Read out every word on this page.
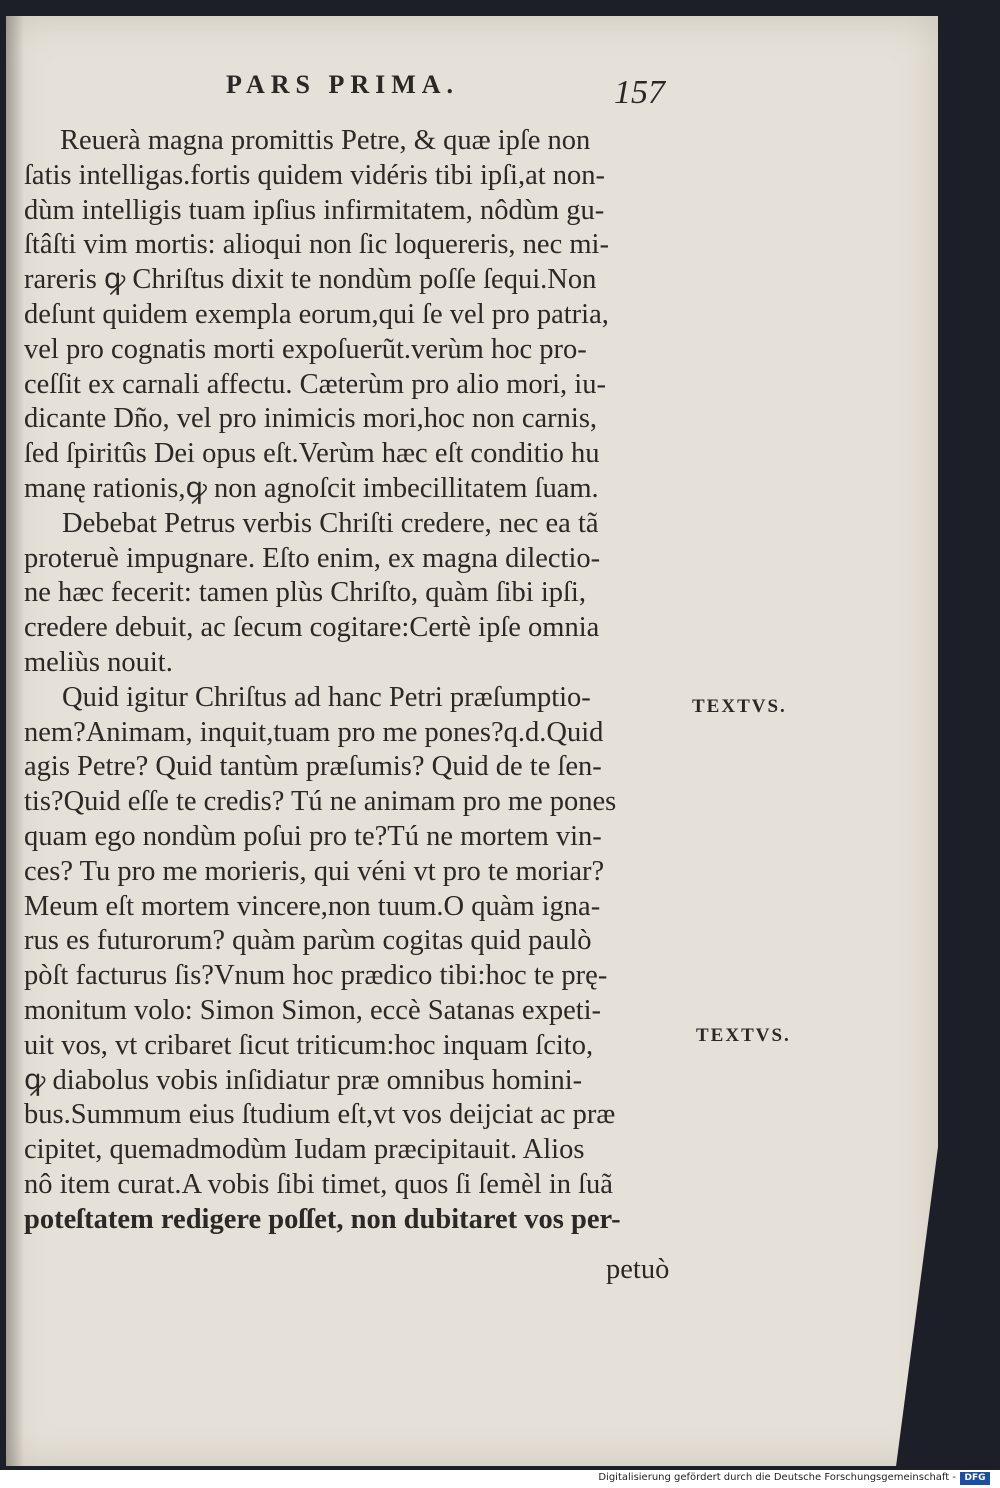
PARS PRIMA.	157
Reuerà magna promittis Petre, & quæ ipſe non
ſatis intelligas.fortis quidem vidéris tibi ipſi,at non-
dùm intelligis tuam ipſius infirmitatem, nôdùm gu-
ſtâſti vim mortis: alioqui non ſic loquereris, nec mi-
rareris ꝙ Chriſtus dixit te nondùm poſſe ſequi.Non
deſunt quidem exempla eorum,qui ſe vel pro patria,
vel pro cognatis morti expoſuerũt.verùm hoc pro-
ceſſit ex carnali affectu. Cæterùm pro alio mori, iu-
dicante Dño, vel pro inimicis mori,hoc non carnis,
ſed ſpiritûs Dei opus eſt.Verùm hæc eſt conditio hu
manę rationis,ꝙ non agnoſcit imbecillitatem ſuam.
Debebat Petrus verbis Chriſti credere, nec ea tã
proteruè impugnare. Eſto enim, ex magna dilectio-
ne hæc fecerit: tamen plùs Chriſto, quàm ſibi ipſi,
credere debuit, ac ſecum cogitare:Certè ipſe omnia
meliùs nouit.
Quid igitur Chriſtus ad hanc Petri præſumptio-
nem?Animam, inquit,tuam pro me pones?q.d.Quid
agis Petre? Quid tantùm præſumis? Quid de te ſen-
tis?Quid eſſe te credis? Tú ne animam pro me pones
quam ego nondùm poſui pro te?Tú ne mortem vin-
ces? Tu pro me morieris, qui véni vt pro te moriar?
Meum eſt mortem vincere,non tuum.O quàm igna-
rus es futurorum? quàm parùm cogitas quid paulò
pòſt facturus ſis?Vnum hoc prædico tibi:hoc te prę-
monitum volo: Simon Simon, eccè Satanas expeti-
uit vos, vt cribaret ſicut triticum:hoc inquam ſcito,
ꝙ diabolus vobis inſidiatur præ omnibus homini-
bus.Summum eius ſtudium eſt,vt vos deijciat ac præ
cipitet, quemadmodùm Iudam præcipitauit. Alios
nô item curat.A vobis ſibi timet, quos ſi ſemèl in ſuã
poteſtatem redigere poſſet, non dubitaret vos per-
petuò
TEXTVS.
TEXTVS.
Digitalisierung gefördert durch die Deutsche Forschungsgemeinschaft - DFG
